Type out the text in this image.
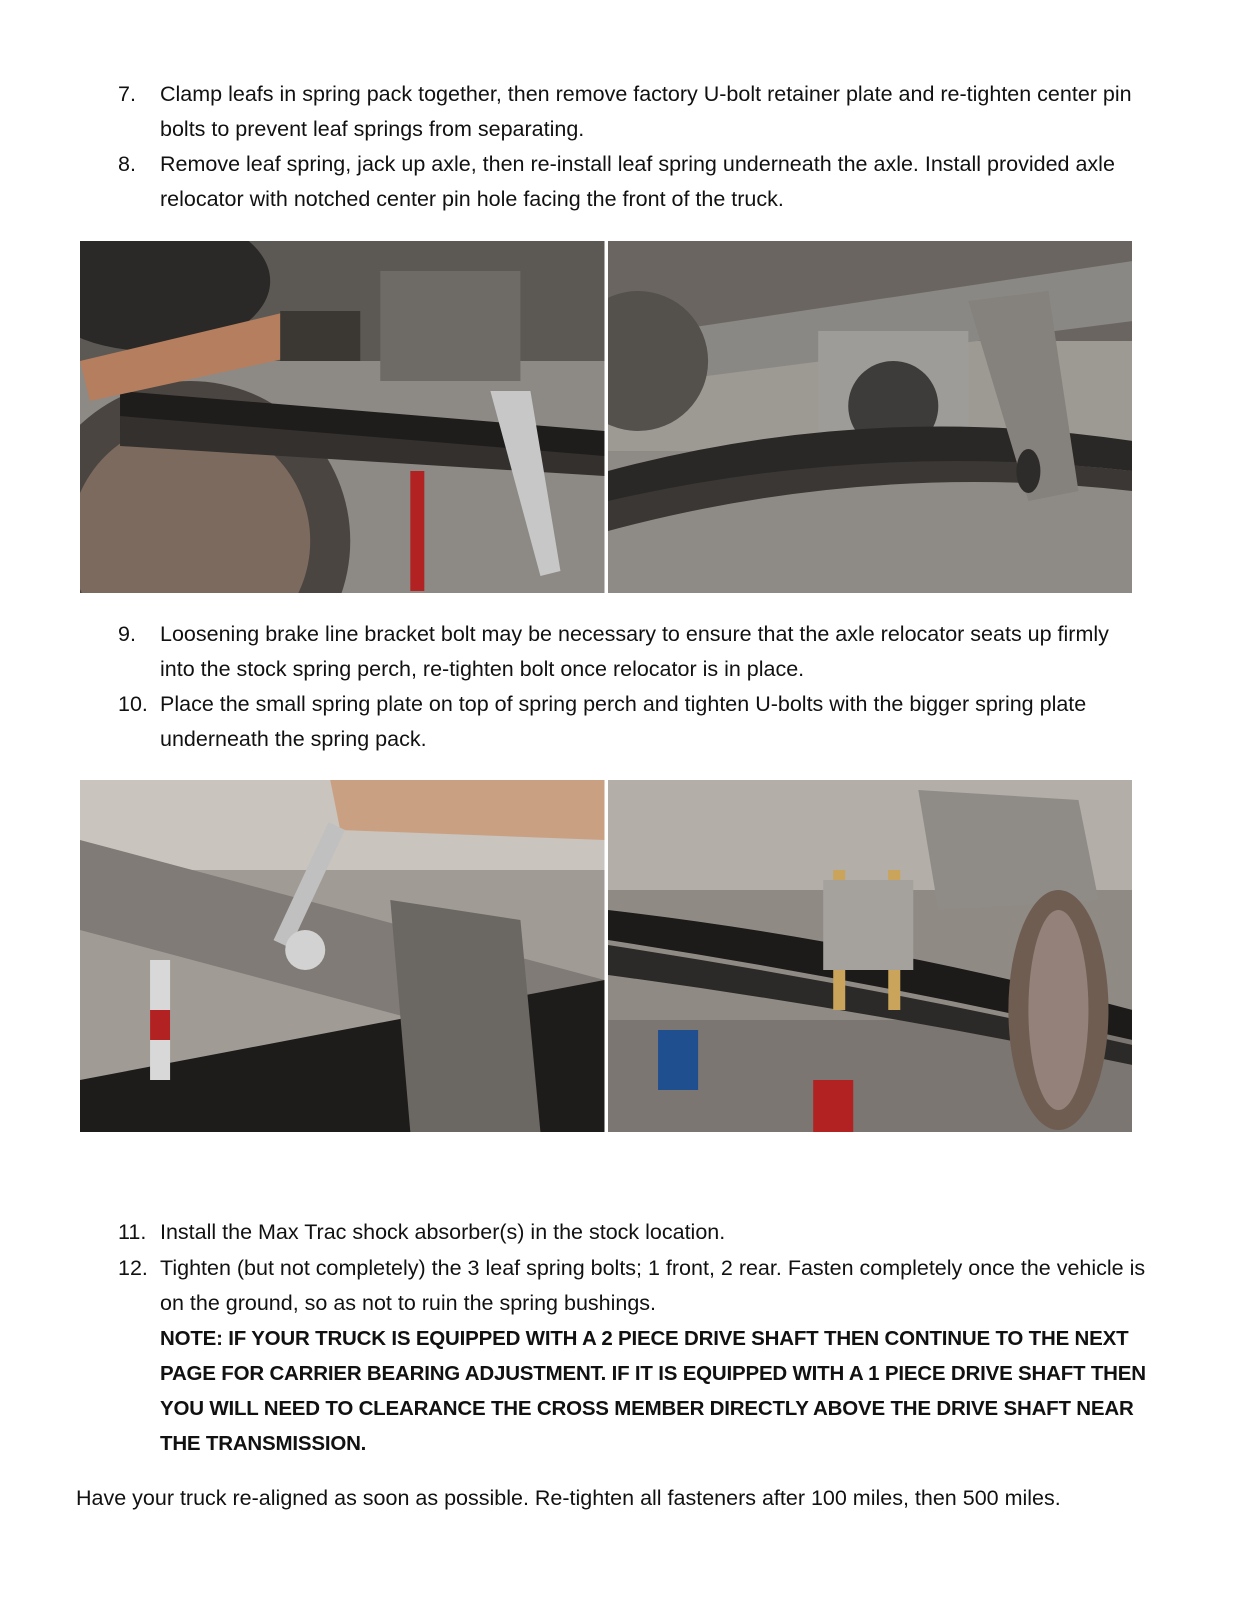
7. Clamp leafs in spring pack together, then remove factory U-bolt retainer plate and re-tighten center pin bolts to prevent leaf springs from separating.
8. Remove leaf spring, jack up axle, then re-install leaf spring underneath the axle. Install provided axle relocator with notched center pin hole facing the front of the truck.
9. Loosening brake line bracket bolt may be necessary to ensure that the axle relocator seats up firmly into the stock spring perch, re-tighten bolt once relocator is in place.
10. Place the small spring plate on top of spring perch and tighten U-bolts with the bigger spring plate underneath the spring pack.
11. Install the Max Trac shock absorber(s) in the stock location.
12. Tighten (but not completely) the 3 leaf spring bolts; 1 front, 2 rear. Fasten completely once the vehicle is on the ground, so as not to ruin the spring bushings.
NOTE: IF YOUR TRUCK IS EQUIPPED WITH A 2 PIECE DRIVE SHAFT THEN CONTINUE TO THE NEXT PAGE FOR CARRIER BEARING ADJUSTMENT. IF IT IS EQUIPPED WITH A 1 PIECE DRIVE SHAFT THEN YOU WILL NEED TO CLEARANCE THE CROSS MEMBER DIRECTLY ABOVE THE DRIVE SHAFT NEAR THE TRANSMISSION.
Have your truck re-aligned as soon as possible. Re-tighten all fasteners after 100 miles, then 500 miles.
